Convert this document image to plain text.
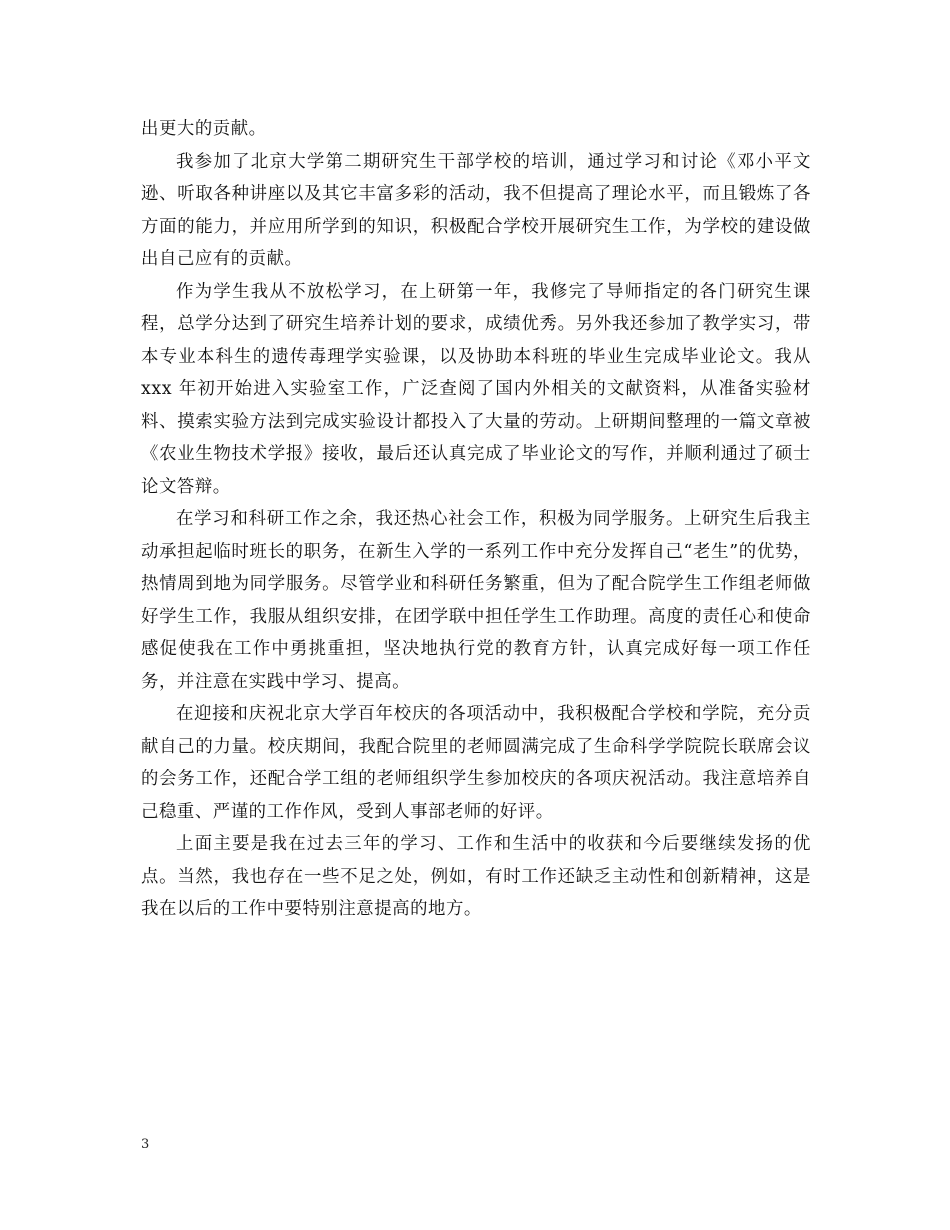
出更大的贡献。

我参加了北京大学第二期研究生干部学校的培训，通过学习和讨论《邓小平文逊、听取各种讲座以及其它丰富多彩的活动，我不但提高了理论水平，而且锻炼了各方面的能力，并应用所学到的知识，积极配合学校开展研究生工作，为学校的建设做出自己应有的贡献。

作为学生我从不放松学习，在上研第一年，我修完了导师指定的各门研究生课程，总学分达到了研究生培养计划的要求，成绩优秀。另外我还参加了教学实习，带本专业本科生的遗传毒理学实验课，以及协助本科班的毕业生完成毕业论文。我从 xxx 年初开始进入实验室工作，广泛查阅了国内外相关的文献资料，从准备实验材料、摸索实验方法到完成实验设计都投入了大量的劳动。上研期间整理的一篇文章被《农业生物技术学报》接收，最后还认真完成了毕业论文的写作，并顺利通过了硕士论文答辩。

在学习和科研工作之余，我还热心社会工作，积极为同学服务。上研究生后我主动承担起临时班长的职务，在新生入学的一系列工作中充分发挥自己“老生”的优势，热情周到地为同学服务。尽管学业和科研任务繁重，但为了配合院学生工作组老师做好学生工作，我服从组织安排，在团学联中担任学生工作助理。高度的责任心和使命感促使我在工作中勇挑重担，坚决地执行党的教育方针，认真完成好每一项工作任务，并注意在实践中学习、提高。

在迎接和庆祝北京大学百年校庆的各项活动中，我积极配合学校和学院，充分贡献自己的力量。校庆期间，我配合院里的老师圆满完成了生命科学学院院长联席会议的会务工作，还配合学工组的老师组织学生参加校庆的各项庆祝活动。我注意培养自己稳重、严谨的工作作风，受到人事部老师的好评。

上面主要是我在过去三年的学习、工作和生活中的收获和今后要继续发扬的优点。当然，我也存在一些不足之处，例如，有时工作还缺乏主动性和创新精神，这是我在以后的工作中要特别注意提高的地方。

3
